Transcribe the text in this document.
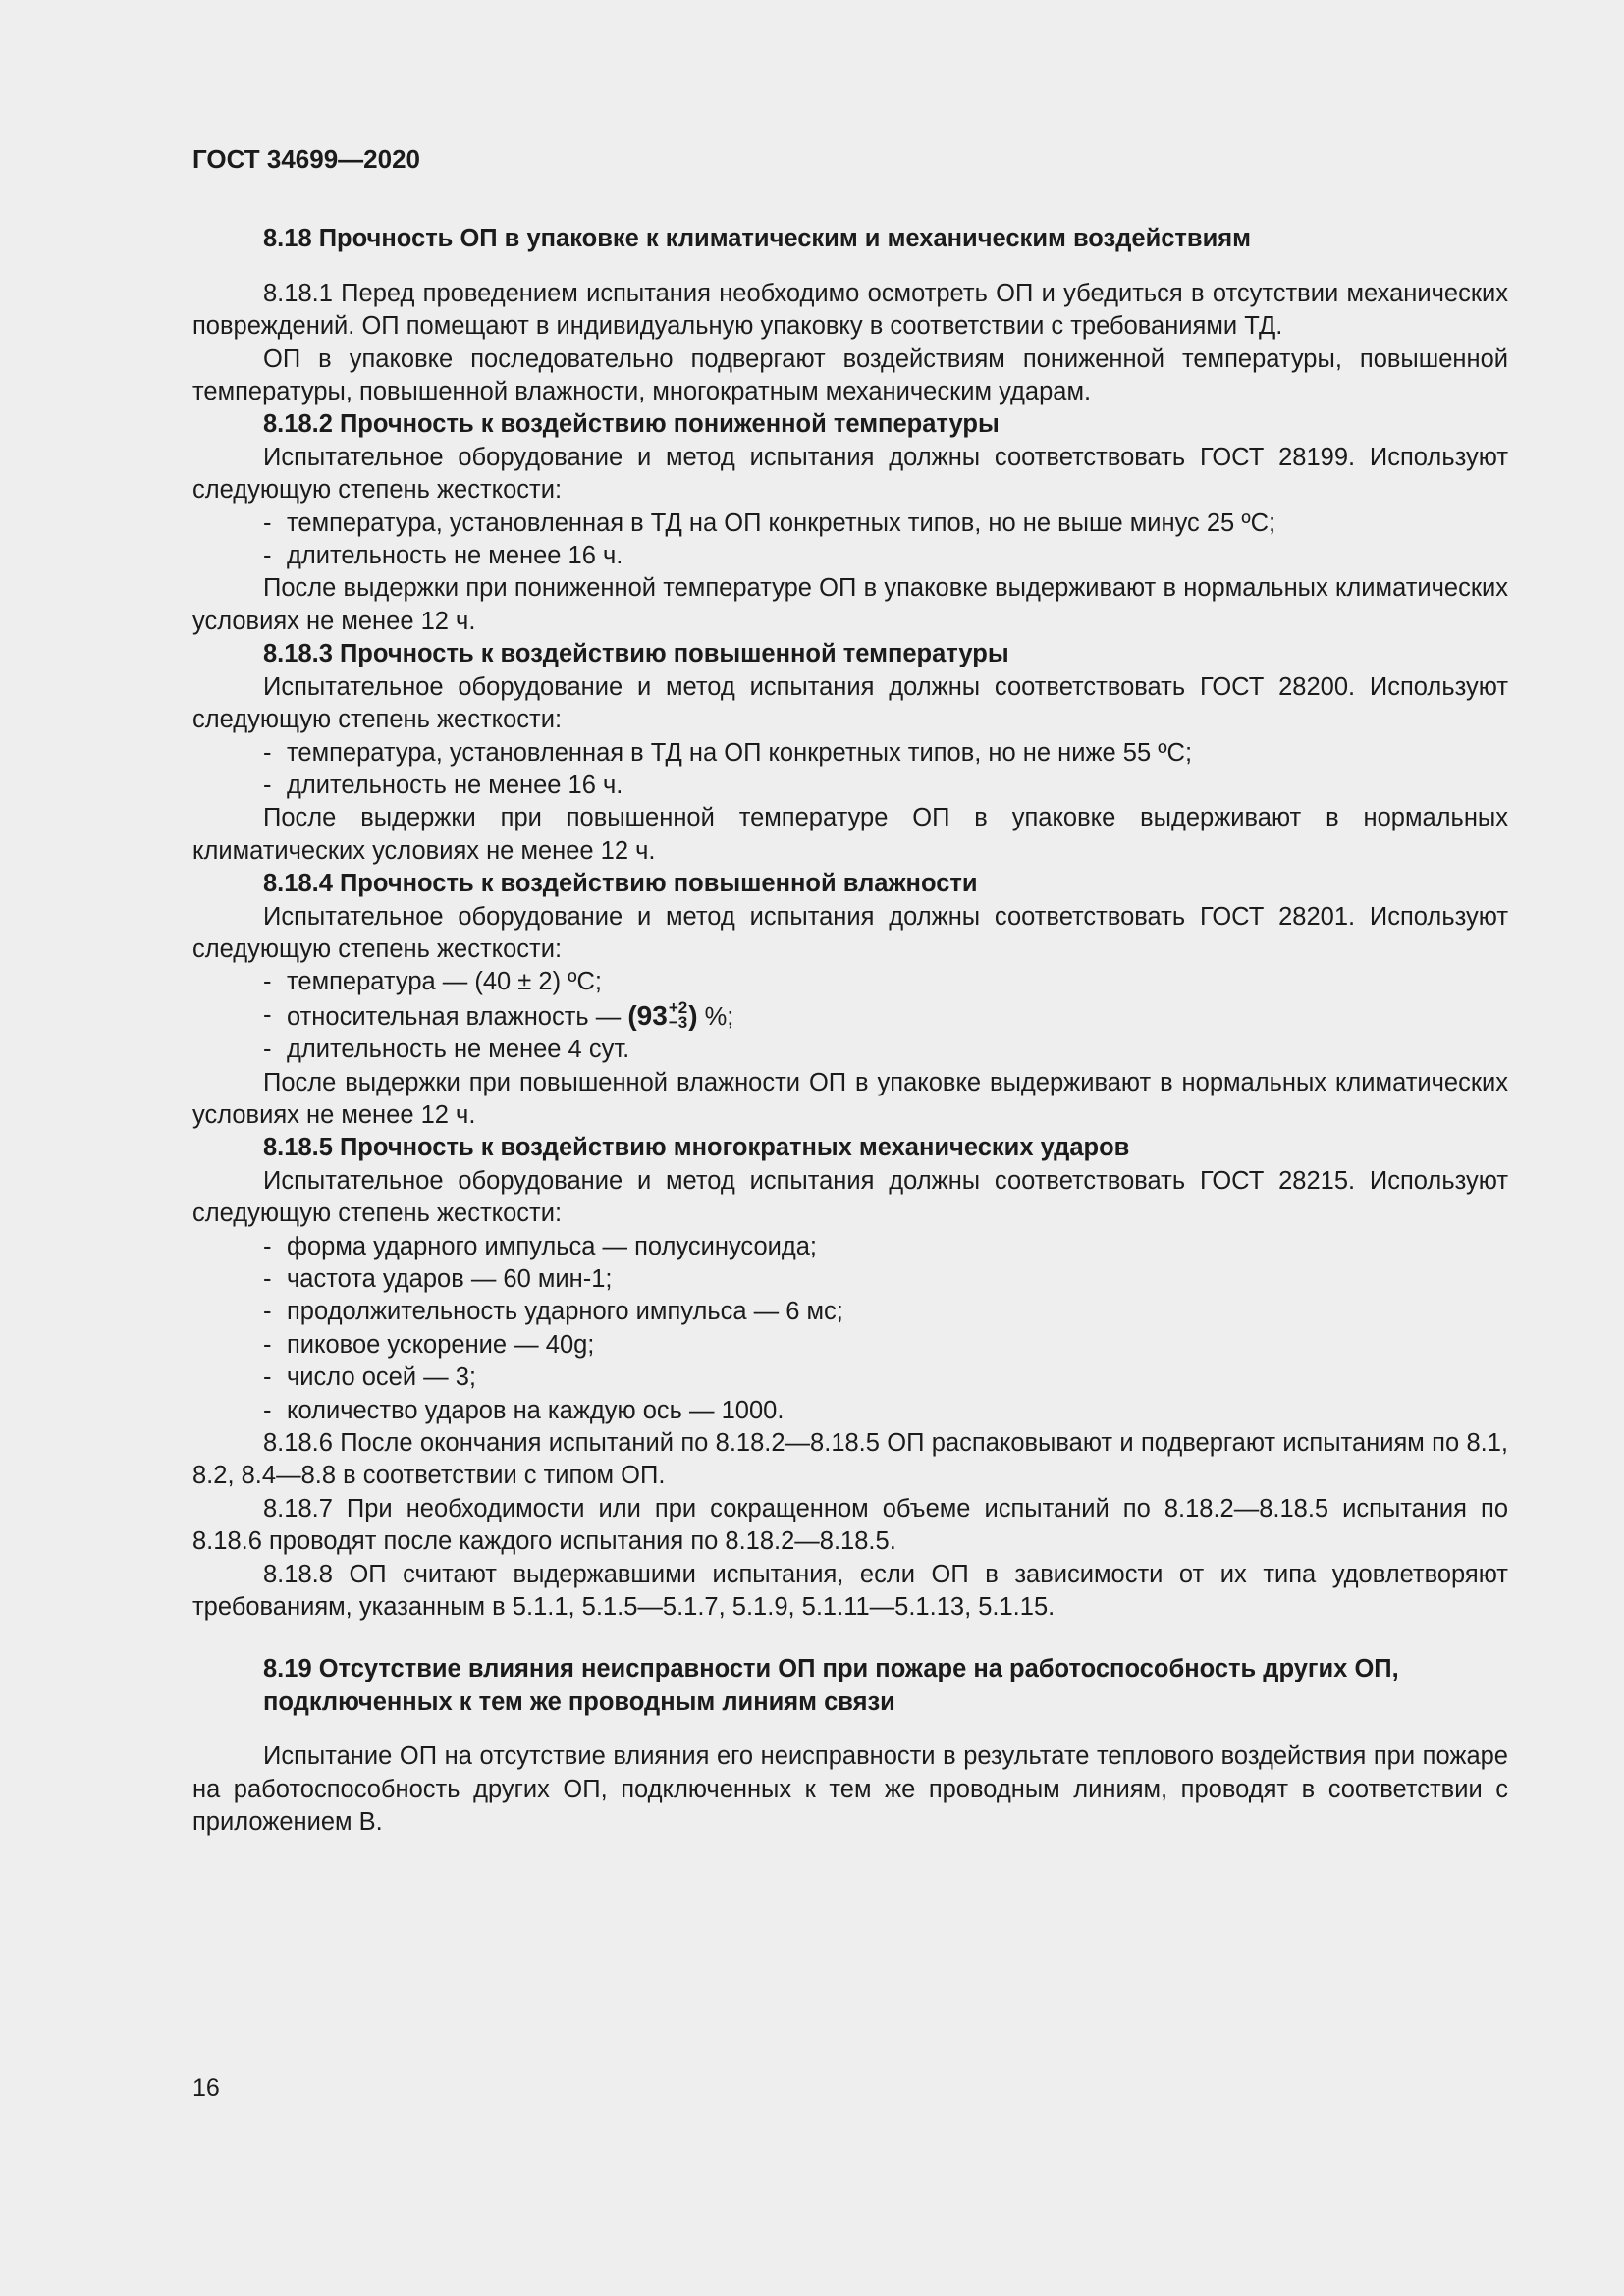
ГОСТ 34699—2020
8.18 Прочность ОП в упаковке к климатическим и механическим воздействиям

8.18.1 Перед проведением испытания необходимо осмотреть ОП и убедиться в отсутствии механических повреждений. ОП помещают в индивидуальную упаковку в соответствии с требованиями ТД.

ОП в упаковке последовательно подвергают воздействиям пониженной температуры, повышенной температуры, повышенной влажности, многократным механическим ударам.

8.18.2 Прочность к воздействию пониженной температуры

Испытательное оборудование и метод испытания должны соответствовать ГОСТ 28199. Используют следующую степень жесткости:

- температура, установленная в ТД на ОП конкретных типов, но не выше минус 25 ºС;
- длительность не менее 16 ч.

После выдержки при пониженной температуре ОП в упаковке выдерживают в нормальных климатических условиях не менее 12 ч.

8.18.3 Прочность к воздействию повышенной температуры

Испытательное оборудование и метод испытания должны соответствовать ГОСТ 28200. Используют следующую степень жесткости:

- температура, установленная в ТД на ОП конкретных типов, но не ниже 55 ºС;
- длительность не менее 16 ч.

После выдержки при повышенной температуре ОП в упаковке выдерживают в нормальных климатических условиях не менее 12 ч.

8.18.4 Прочность к воздействию повышенной влажности

Испытательное оборудование и метод испытания должны соответствовать ГОСТ 28201. Используют следующую степень жесткости:

- температура — (40 ± 2) ºС;
- относительная влажность — (93 +2
−3 ) %;
- длительность не менее 4 сут.

После выдержки при повышенной влажности ОП в упаковке выдерживают в нормальных климатических условиях не менее 12 ч.

8.18.5 Прочность к воздействию многократных механических ударов

Испытательное оборудование и метод испытания должны соответствовать ГОСТ 28215. Используют следующую степень жесткости:

- форма ударного импульса — полусинусоида;
- частота ударов — 60 мин-1;
- продолжительность ударного импульса — 6 мс;
- пиковое ускорение — 40g;
- число осей — 3;
- количество ударов на каждую ось — 1000.

8.18.6 После окончания испытаний по 8.18.2—8.18.5 ОП распаковывают и подвергают испытаниям по 8.1, 8.2, 8.4—8.8 в соответствии с типом ОП.

8.18.7 При необходимости или при сокращенном объеме испытаний по 8.18.2—8.18.5 испытания по 8.18.6 проводят после каждого испытания по 8.18.2—8.18.5.

8.18.8 ОП считают выдержавшими испытания, если ОП в зависимости от их типа удовлетворяют требованиям, указанным в 5.1.1, 5.1.5—5.1.7, 5.1.9, 5.1.11—5.1.13, 5.1.15.

8.19 Отсутствие влияния неисправности ОП при пожаре на работоспособность других ОП, подключенных к тем же проводным линиям связи

Испытание ОП на отсутствие влияния его неисправности в результате теплового воздействия при пожаре на работоспособность других ОП, подключенных к тем же проводным линиям, проводят в соответствии с приложением В.

16
